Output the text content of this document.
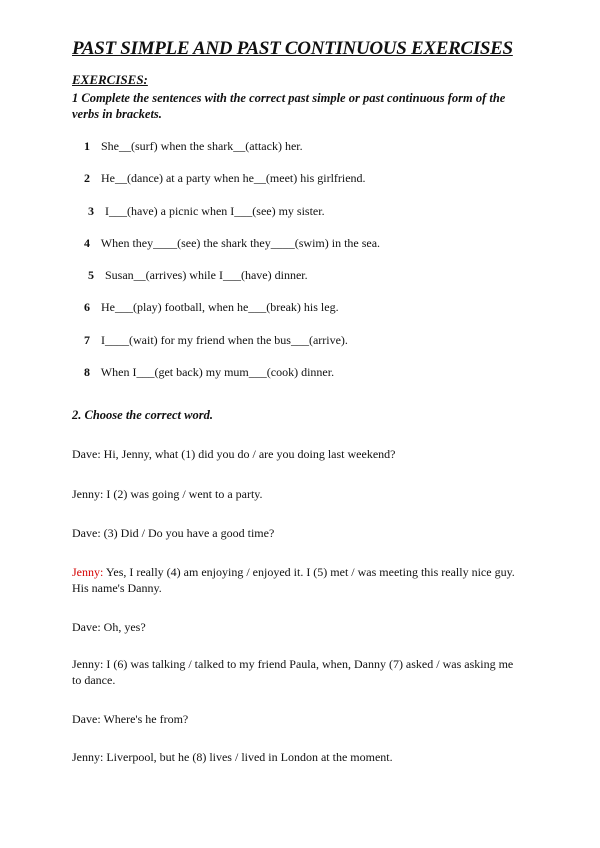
PAST SIMPLE AND PAST CONTINUOUS EXERCISES
EXERCISES:
1 Complete the sentences with the correct past simple or past continuous form of the verbs in brackets.
1 She__(surf) when the shark__(attack) her.
2 He__(dance) at a party when he__(meet) his girlfriend.
3 I___(have) a picnic when I___(see) my sister.
4 When they____(see) the shark they____(swim) in the sea.
5 Susan__(arrives) while I___(have) dinner.
6 He___(play) football, when he___(break) his leg.
7 I____(wait) for my friend when the bus___(arrive).
8 When I___(get back) my mum___(cook) dinner.
2. Choose the correct word.
Dave: Hi, Jenny, what (1) did you do / are you doing last weekend?
Jenny: I (2) was going / went to a party.
Dave: (3) Did / Do you have a good time?
Jenny: Yes, I really (4) am enjoying / enjoyed it. I (5) met / was meeting this really nice guy. His name's Danny.
Dave: Oh, yes?
Jenny: I (6) was talking / talked to my friend Paula, when, Danny (7) asked / was asking me to dance.
Dave: Where's he from?
Jenny: Liverpool, but he (8) lives / lived in London at the moment.
